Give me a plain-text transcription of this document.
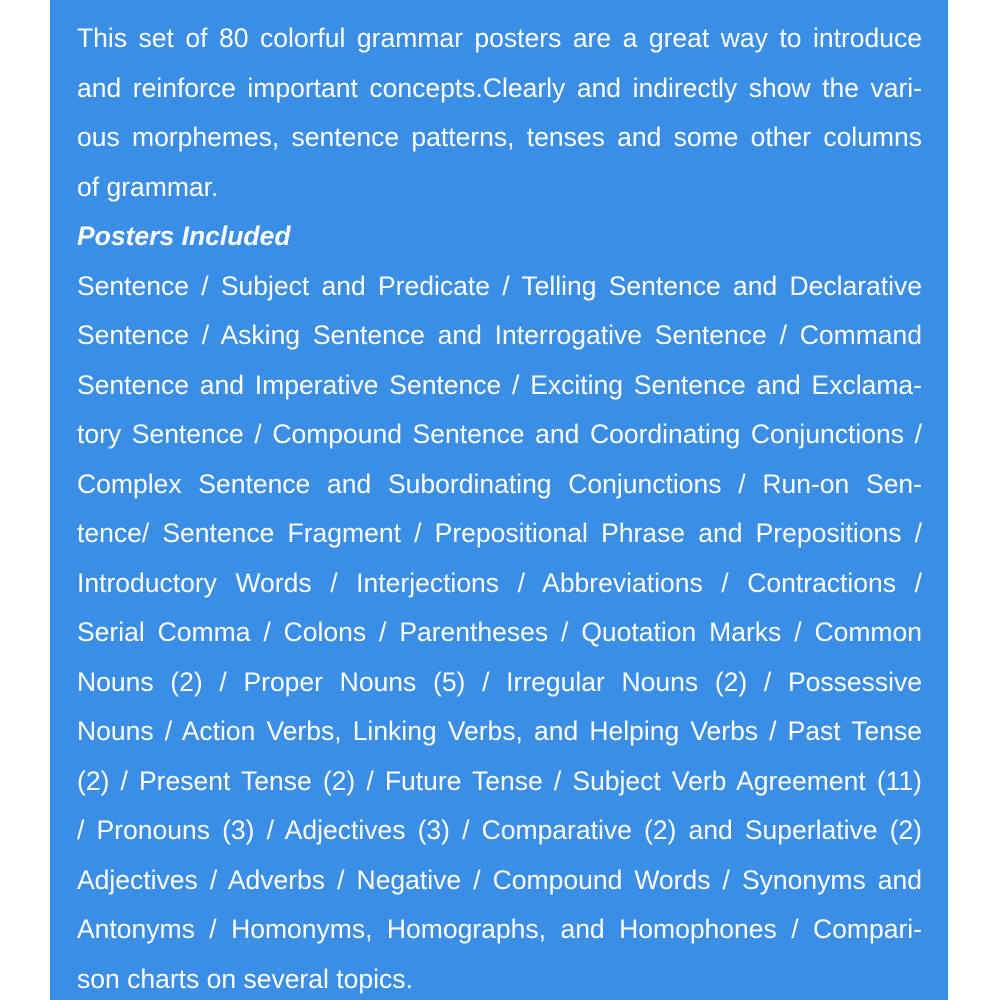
This set of 80 colorful grammar posters are a great way to introduce
and reinforce important concepts.Clearly and indirectly show the vari-
ous morphemes, sentence patterns, tenses and some other columns
of grammar.
Posters Included
Sentence / Subject and Predicate / Telling Sentence and Declarative
Sentence / Asking Sentence and Interrogative Sentence / Command
Sentence and Imperative Sentence / Exciting Sentence and Exclama-
tory Sentence / Compound Sentence and Coordinating Conjunctions /
Complex Sentence and Subordinating Conjunctions / Run-on Sen-
tence/ Sentence Fragment / Prepositional Phrase and Prepositions /
Introductory Words / Interjections / Abbreviations / Contractions /
Serial Comma / Colons / Parentheses / Quotation Marks / Common
Nouns (2) / Proper Nouns (5) / Irregular Nouns (2) / Possessive
Nouns / Action Verbs, Linking Verbs, and Helping Verbs / Past Tense
(2) / Present Tense (2) / Future Tense / Subject Verb Agreement (11)
/ Pronouns (3) / Adjectives (3) / Comparative (2) and Superlative (2)
Adjectives / Adverbs / Negative / Compound Words / Synonyms and
Antonyms / Homonyms, Homographs, and Homophones / Compari-
son charts on several topics.
